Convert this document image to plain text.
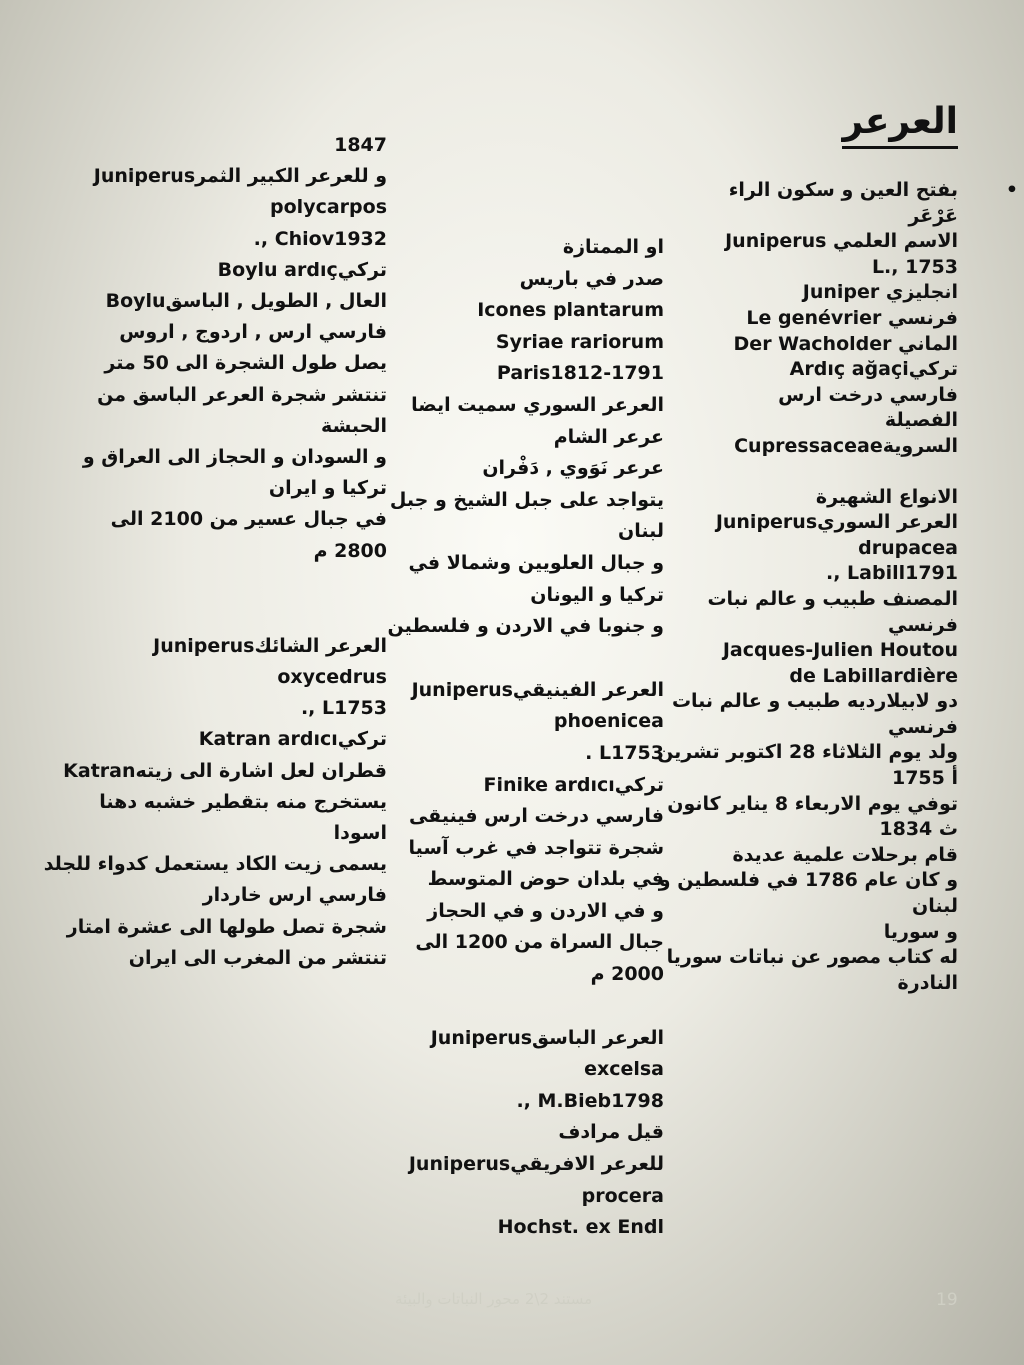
العرعر
•
بفتح العين و سكون الراء
عَرْعَر
الاسم العلمي Juniperus
L., 1753
انجليزي Juniper
فرنسي Le genévrier
الماني Der Wacholder
تركيArdıç ağaçi
فارسي درخت ارس
الفصيلة
السرويةCupressaceae
الانواع الشهيرة
العرعر السوريJuniperus
drupacea
Labill1791 ,.
المصنف طبيب و عالم نبات
فرنسي
Jacques-Julien Houtou
de Labillardière
دو لابيلارديه طبيب و عالم نبات
فرنسي
ولد يوم الثلاثاء 28 اكتوبر تشرين
أ 1755
توفي يوم الاربعاء 8 يناير كانون
ث 1834
قام برحلات علمية عديدة
و كان عام 1786 في فلسطين و
لبنان
و سوريا
له كتاب مصور عن نباتات سوريا
النادرة
او الممتازة
صدر في باريس
Icones plantarum
Syriae rariorum
Paris1812-1791
العرعر السوري سميت ايضا
عرعر الشام
عرعر نَوَوي , دَفْران
يتواجد على جبل الشيخ و جبل
لبنان
و جبال العلويين وشمالا في
تركيا و اليونان
و جنوبا في الاردن و فلسطين
العرعر الفينيقيJuniperus
phoenicea
L1753 .
تركيFinike ardıcı
فارسي درخت ارس فينيقى
شجرة تتواجد في غرب آسيا
في بلدان حوض المتوسط
و في الاردن و في الحجاز
جبال السراة من 1200 الى
2000 م
العرعر الباسقJuniperus
excelsa
M.Bieb1798 ,.
قيل مرادف
للعرعر الافريقيJuniperus
procera
Hochst. ex Endl
1847
و للعرعر الكبير الثمرJuniperus
polycarpos
Chiov1932 ,.
تركيBoylu ardıç
العال , الطويل , الباسقBoylu
فارسي ارس , اردوج , اروس
يصل طول الشجرة الى 50 متر
تنتشر شجرة العرعر الباسق من
الحبشة
و السودان و الحجاز الى العراق و
تركيا و ايران
في جبال عسير من 2100 الى
2800 م
العرعر الشائكJuniperus
oxycedrus
L1753 ,.
تركيKatran ardıcı
قطران لعل اشارة الى زيتهKatran
يستخرج منه بتقطير خشبه دهنا
اسودا
يسمى زيت الكاد يستعمل كدواء للجلد
فارسي ارس خاردار
شجرة تصل طولها الى عشرة امتار
تنتشر من المغرب الى ايران
مستند 2\2 محور النباتات والبيئة	19
